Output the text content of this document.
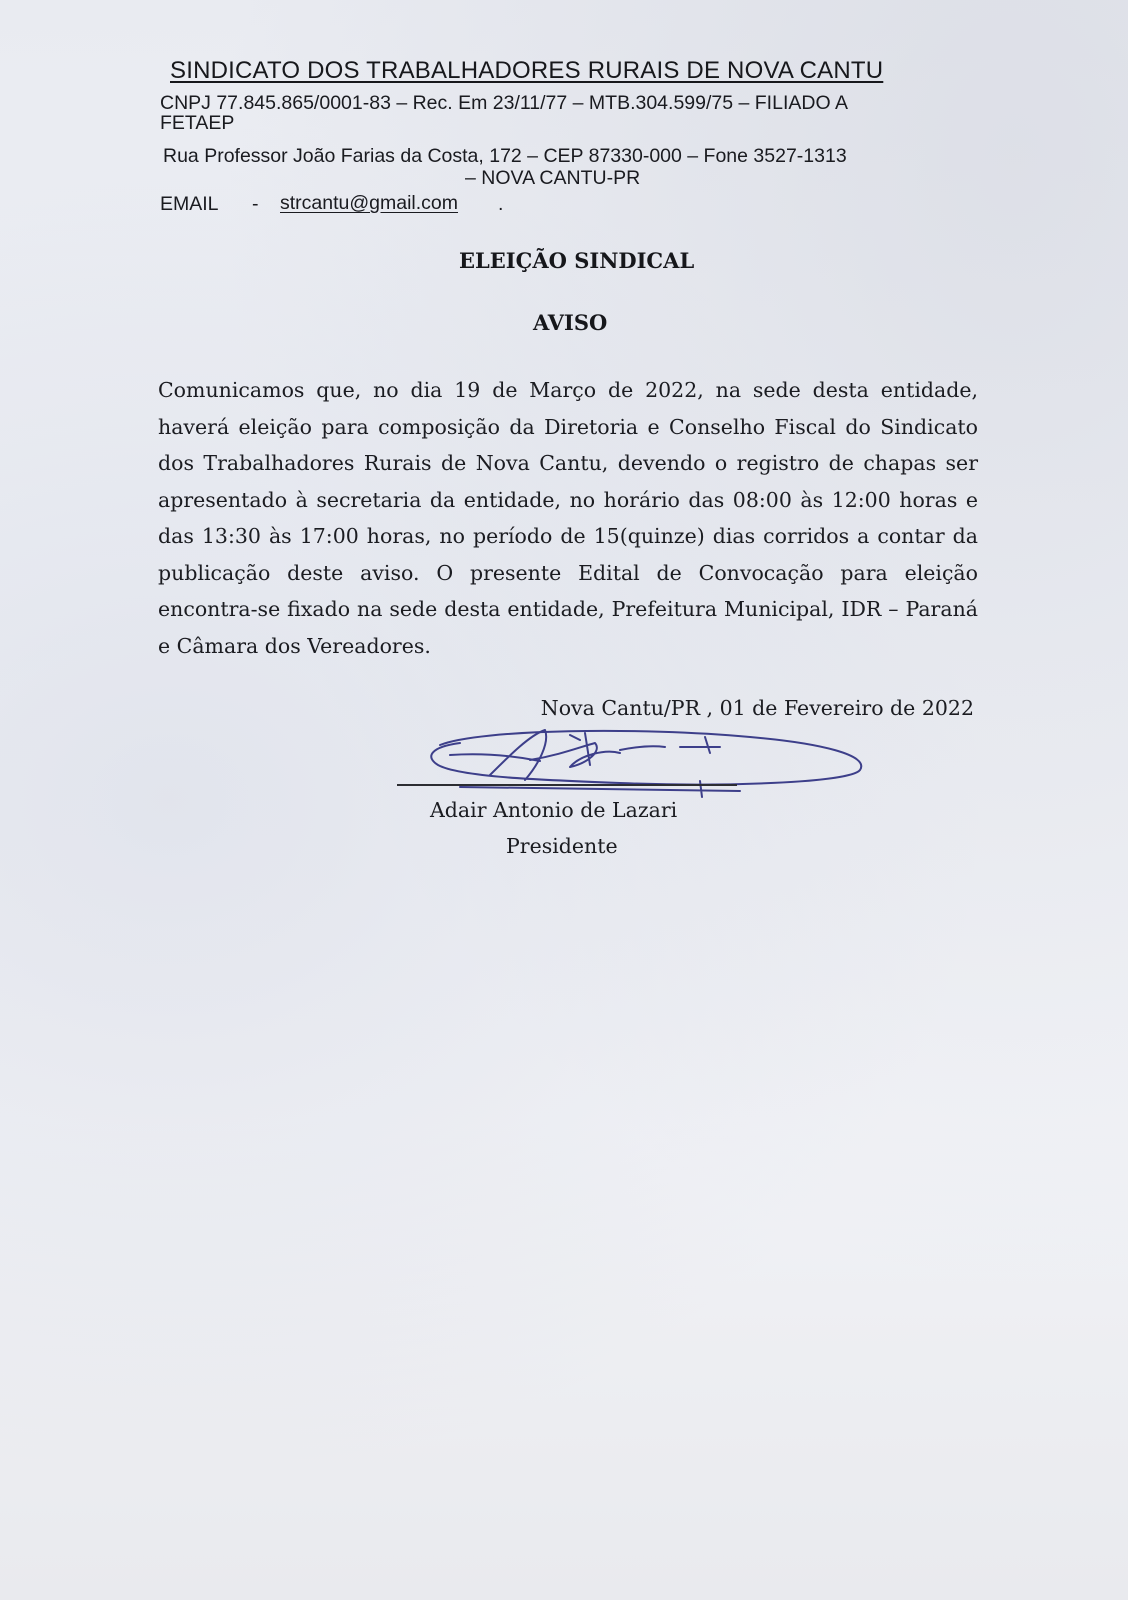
SINDICATO DOS TRABALHADORES RURAIS DE NOVA CANTU
CNPJ 77.845.865/0001-83 – Rec. Em 23/11/77 – MTB.304.599/75 – FILIADO A
FETAEP
Rua Professor João Farias da Costa, 172 – CEP 87330-000 – Fone 3527-1313
– NOVA CANTU-PR
EMAIL - strcantu@gmail.com .
ELEIÇÃO SINDICAL
AVISO
Comunicamos que, no dia 19 de Março de 2022, na sede desta entidade, haverá eleição para composição da Diretoria e Conselho Fiscal do Sindicato dos Trabalhadores Rurais de Nova Cantu, devendo o registro de chapas ser apresentado à secretaria da entidade, no horário das 08:00 às 12:00 horas e das 13:30 às 17:00 horas, no período de 15(quinze) dias corridos a contar da publicação deste aviso. O presente Edital de Convocação para eleição encontra-se fixado na sede desta entidade, Prefeitura Municipal, IDR – Paraná e Câmara dos Vereadores.
Nova Cantu/PR , 01 de Fevereiro de 2022
Adair Antonio de Lazari
Presidente
